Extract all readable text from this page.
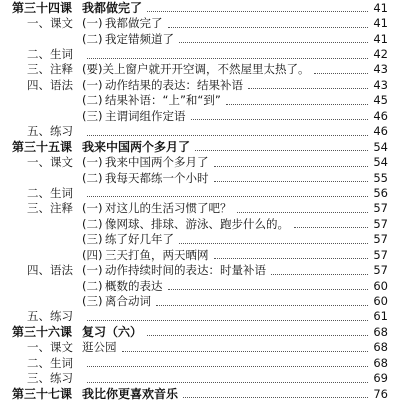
第三十四课 我都做完了	41
一、课文 (一) 我都做完了	41
(二) 我定错频道了	41
二、生词	42
三、注释 (要)关上窗户就开开空调，不然屋里太热了。	43
四、语法 (一) 动作结果的表达：结果补语	43
(二) 结果补语：“上”和“到”	45
(三) 主谓词组作定语	46
五、练习	46
第三十五课 我来中国两个多月了	54
一、课文 (一) 我来中国两个多月了	54
(二) 我每天都练一个小时	55
二、生词	56
三、注释 (一) 对这儿的生活习惯了吧？	57
(二) 像网球、排球、游泳、跑步什么的。	57
(三) 练了好几年了	57
(四) 三天打鱼，两天晒网	57
四、语法 (一) 动作持续时间的表达：时量补语	57
(二) 概数的表达	60
(三) 离合动词	60
五、练习	61
第三十六课 复习（六）	68
一、课文 逛公园	68
二、生词	68
三、练习	69
第三十七课 我比你更喜欢音乐	76
